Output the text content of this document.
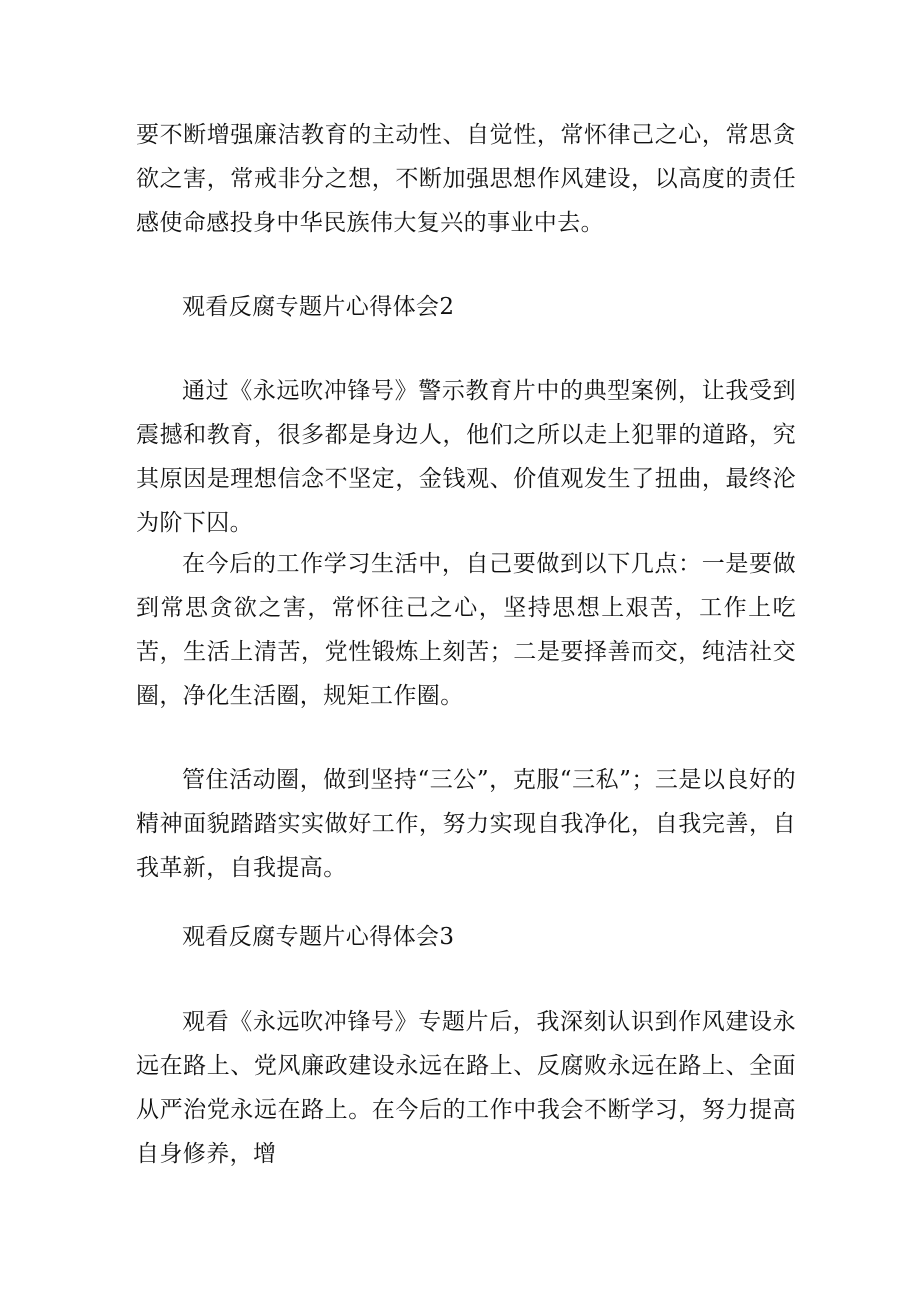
要不断增强廉洁教育的主动性、自觉性，常怀律己之心，常思贪欲之害，常戒非分之想，不断加强思想作风建设，以高度的责任感使命感投身中华民族伟大复兴的事业中去。

观看反腐专题片心得体会2

通过《永远吹冲锋号》警示教育片中的典型案例，让我受到震撼和教育，很多都是身边人，他们之所以走上犯罪的道路，究其原因是理想信念不坚定，金钱观、价值观发生了扭曲，最终沦为阶下囚。

在今后的工作学习生活中，自己要做到以下几点：一是要做到常思贪欲之害，常怀往己之心，坚持思想上艰苦，工作上吃苦，生活上清苦，党性锻炼上刻苦；二是要择善而交，纯洁社交圈，净化生活圈，规矩工作圈。

管住活动圈，做到坚持“三公”，克服“三私”；三是以良好的精神面貌踏踏实实做好工作，努力实现自我净化，自我完善，自我革新，自我提高。

观看反腐专题片心得体会3

观看《永远吹冲锋号》专题片后，我深刻认识到作风建设永远在路上、党风廉政建设永远在路上、反腐败永远在路上、全面从严治党永远在路上。在今后的工作中我会不断学习，努力提高自身修养，增
